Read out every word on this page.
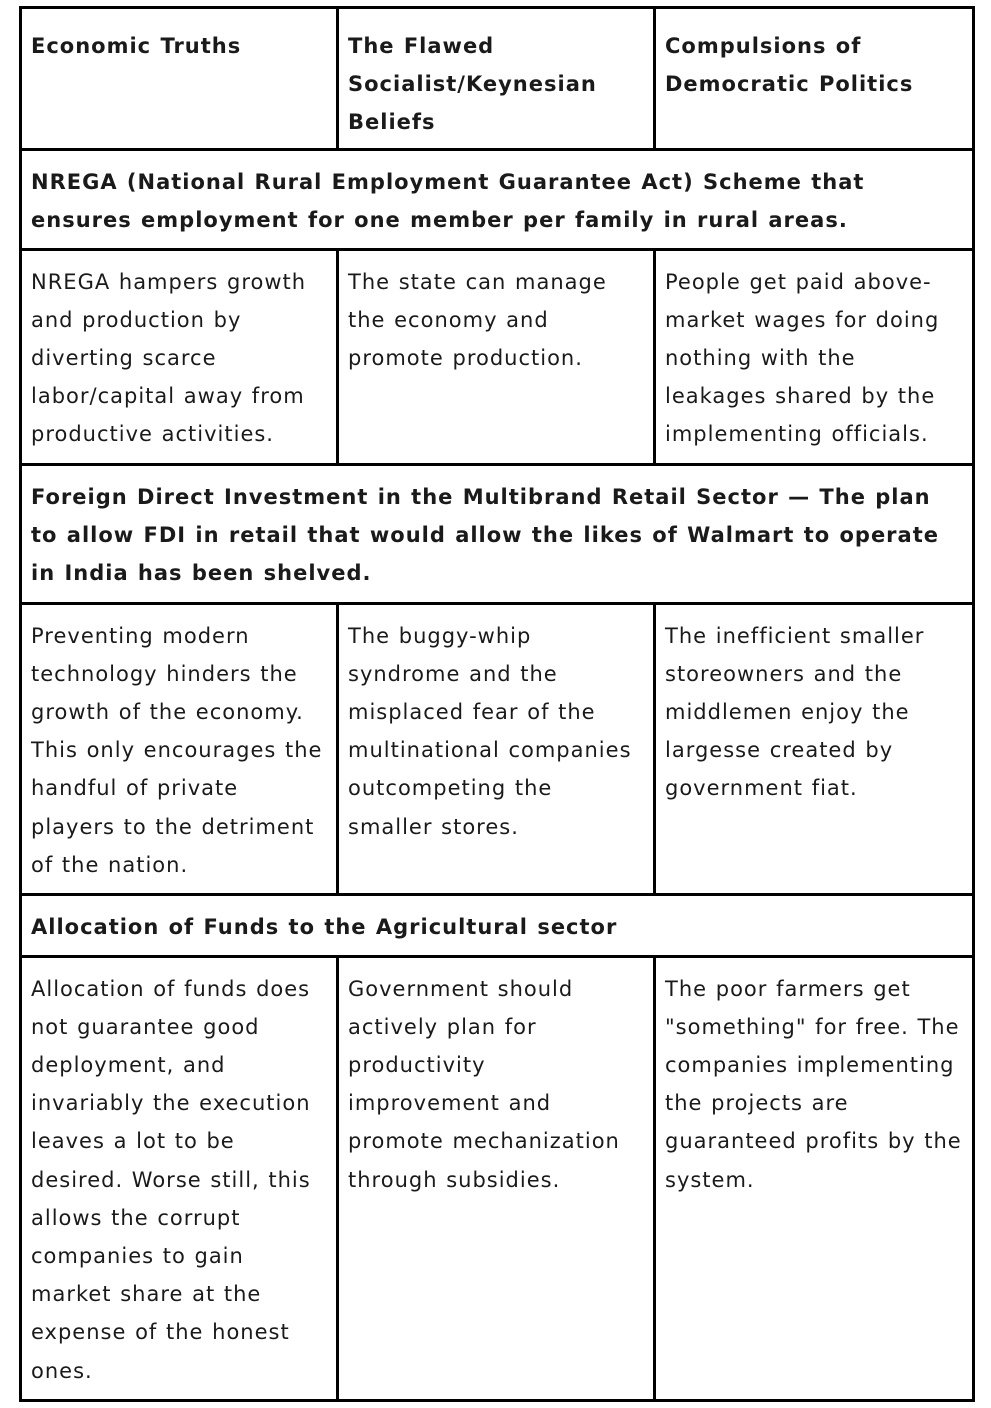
Economic Truths	The Flawed Socialist/Keynesian Beliefs	Compulsions of Democratic Politics

NREGA (National Rural Employment Guarantee Act) Scheme that ensures employment for one member per family in rural areas.		

NREGA hampers growth and production by diverting scarce labor/capital away from productive activities.	The state can manage the economy and promote production.	People get paid above-market wages for doing nothing with the leakages shared by the implementing officials.

Foreign Direct Investment in the Multibrand Retail Sector — The plan to allow FDI in retail that would allow the likes of Walmart to operate in India has been shelved.		

Preventing modern technology hinders the growth of the economy. This only encourages the handful of private players to the detriment of the nation.	The buggy-whip syndrome and the misplaced fear of the multinational companies outcompeting the smaller stores.	The inefficient smaller storeowners and the middlemen enjoy the largesse created by government fiat.

Allocation of Funds to the Agricultural sector		

Allocation of funds does not guarantee good deployment, and invariably the execution leaves a lot to be desired. Worse still, this allows the corrupt companies to gain market share at the expense of the honest ones.	Government should actively plan for productivity improvement and promote mechanization through subsidies.	The poor farmers get "something" for free. The companies implementing the projects are guaranteed profits by the system.
